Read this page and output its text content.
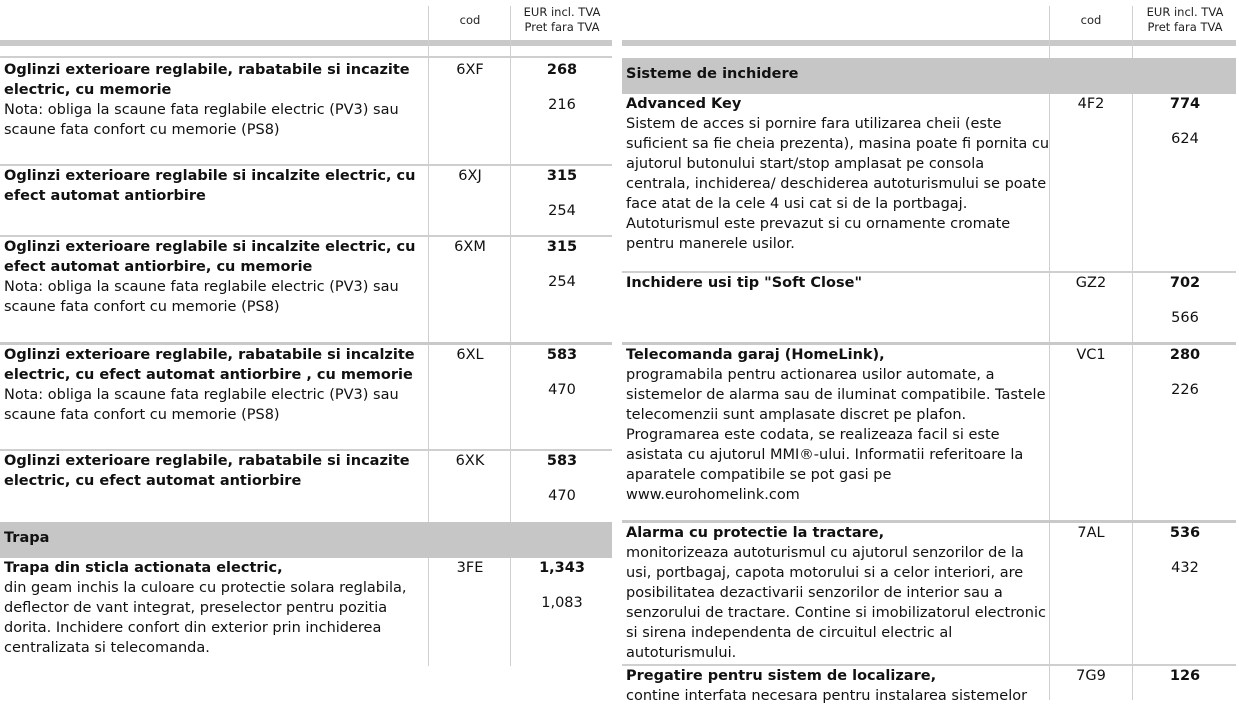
cod
EUR incl. TVA
Pret fara TVA
Oglinzi exterioare reglabile, rabatabile si incazite electric, cu memorie
Nota: obliga la scaune fata reglabile electric (PV3) sau scaune fata confort cu memorie (PS8)
6XF	268
216
Oglinzi exterioare reglabile si incalzite electric, cu efect automat antiorbire
6XJ	315
254
Oglinzi exterioare reglabile si incalzite electric, cu efect automat antiorbire, cu memorie
Nota: obliga la scaune fata reglabile electric (PV3) sau scaune fata confort cu memorie (PS8)
6XM	315
254
Oglinzi exterioare reglabile, rabatabile si incalzite electric, cu efect automat antiorbire , cu memorie
Nota: obliga la scaune fata reglabile electric (PV3) sau scaune fata confort cu memorie (PS8)
6XL	583
470
Oglinzi exterioare reglabile, rabatabile si incazite electric, cu efect automat antiorbire
6XK	583
470
Trapa
Trapa din sticla actionata electric,
din geam inchis la culoare cu protectie solara reglabila, deflector de vant integrat, preselector pentru pozitia dorita. Inchidere confort din exterior prin inchiderea centralizata si telecomanda.
3FE	1,343
1,083
cod
EUR incl. TVA
Pret fara TVA
Sisteme de inchidere
Advanced Key
Sistem de acces si pornire fara utilizarea cheii (este suficient sa fie cheia prezenta), masina poate fi pornita cu ajutorul butonului start/stop amplasat pe consola centrala, inchiderea/ deschiderea autoturismului se poate face atat de la cele 4 usi cat si de la portbagaj. Autoturismul este prevazut si cu ornamente cromate pentru manerele usilor.
4F2	774
624
Inchidere usi tip "Soft Close"	GZ2	702
566
Telecomanda garaj (HomeLink),
programabila pentru actionarea usilor automate, a sistemelor de alarma sau de iluminat compatibile. Tastele telecomenzii sunt amplasate discret pe plafon. Programarea este codata, se realizeaza facil si este asistata cu ajutorul MMI®-ului. Informatii referitoare la aparatele compatibile se pot gasi pe www.eurohomelink.com
VC1	280
226
Alarma cu protectie la tractare,
monitorizeaza autoturismul cu ajutorul senzorilor de la usi, portbagaj, capota motorului si a celor interiori, are posibilitatea dezactivarii senzorilor de interior sau a senzorului de tractare. Contine si imobilizatorul electronic si sirena independenta de circuitul electric al autoturismului.
7AL	536
432
Pregatire pentru sistem de localizare,
contine interfata necesara pentru instalarea sistemelor
7G9	126
